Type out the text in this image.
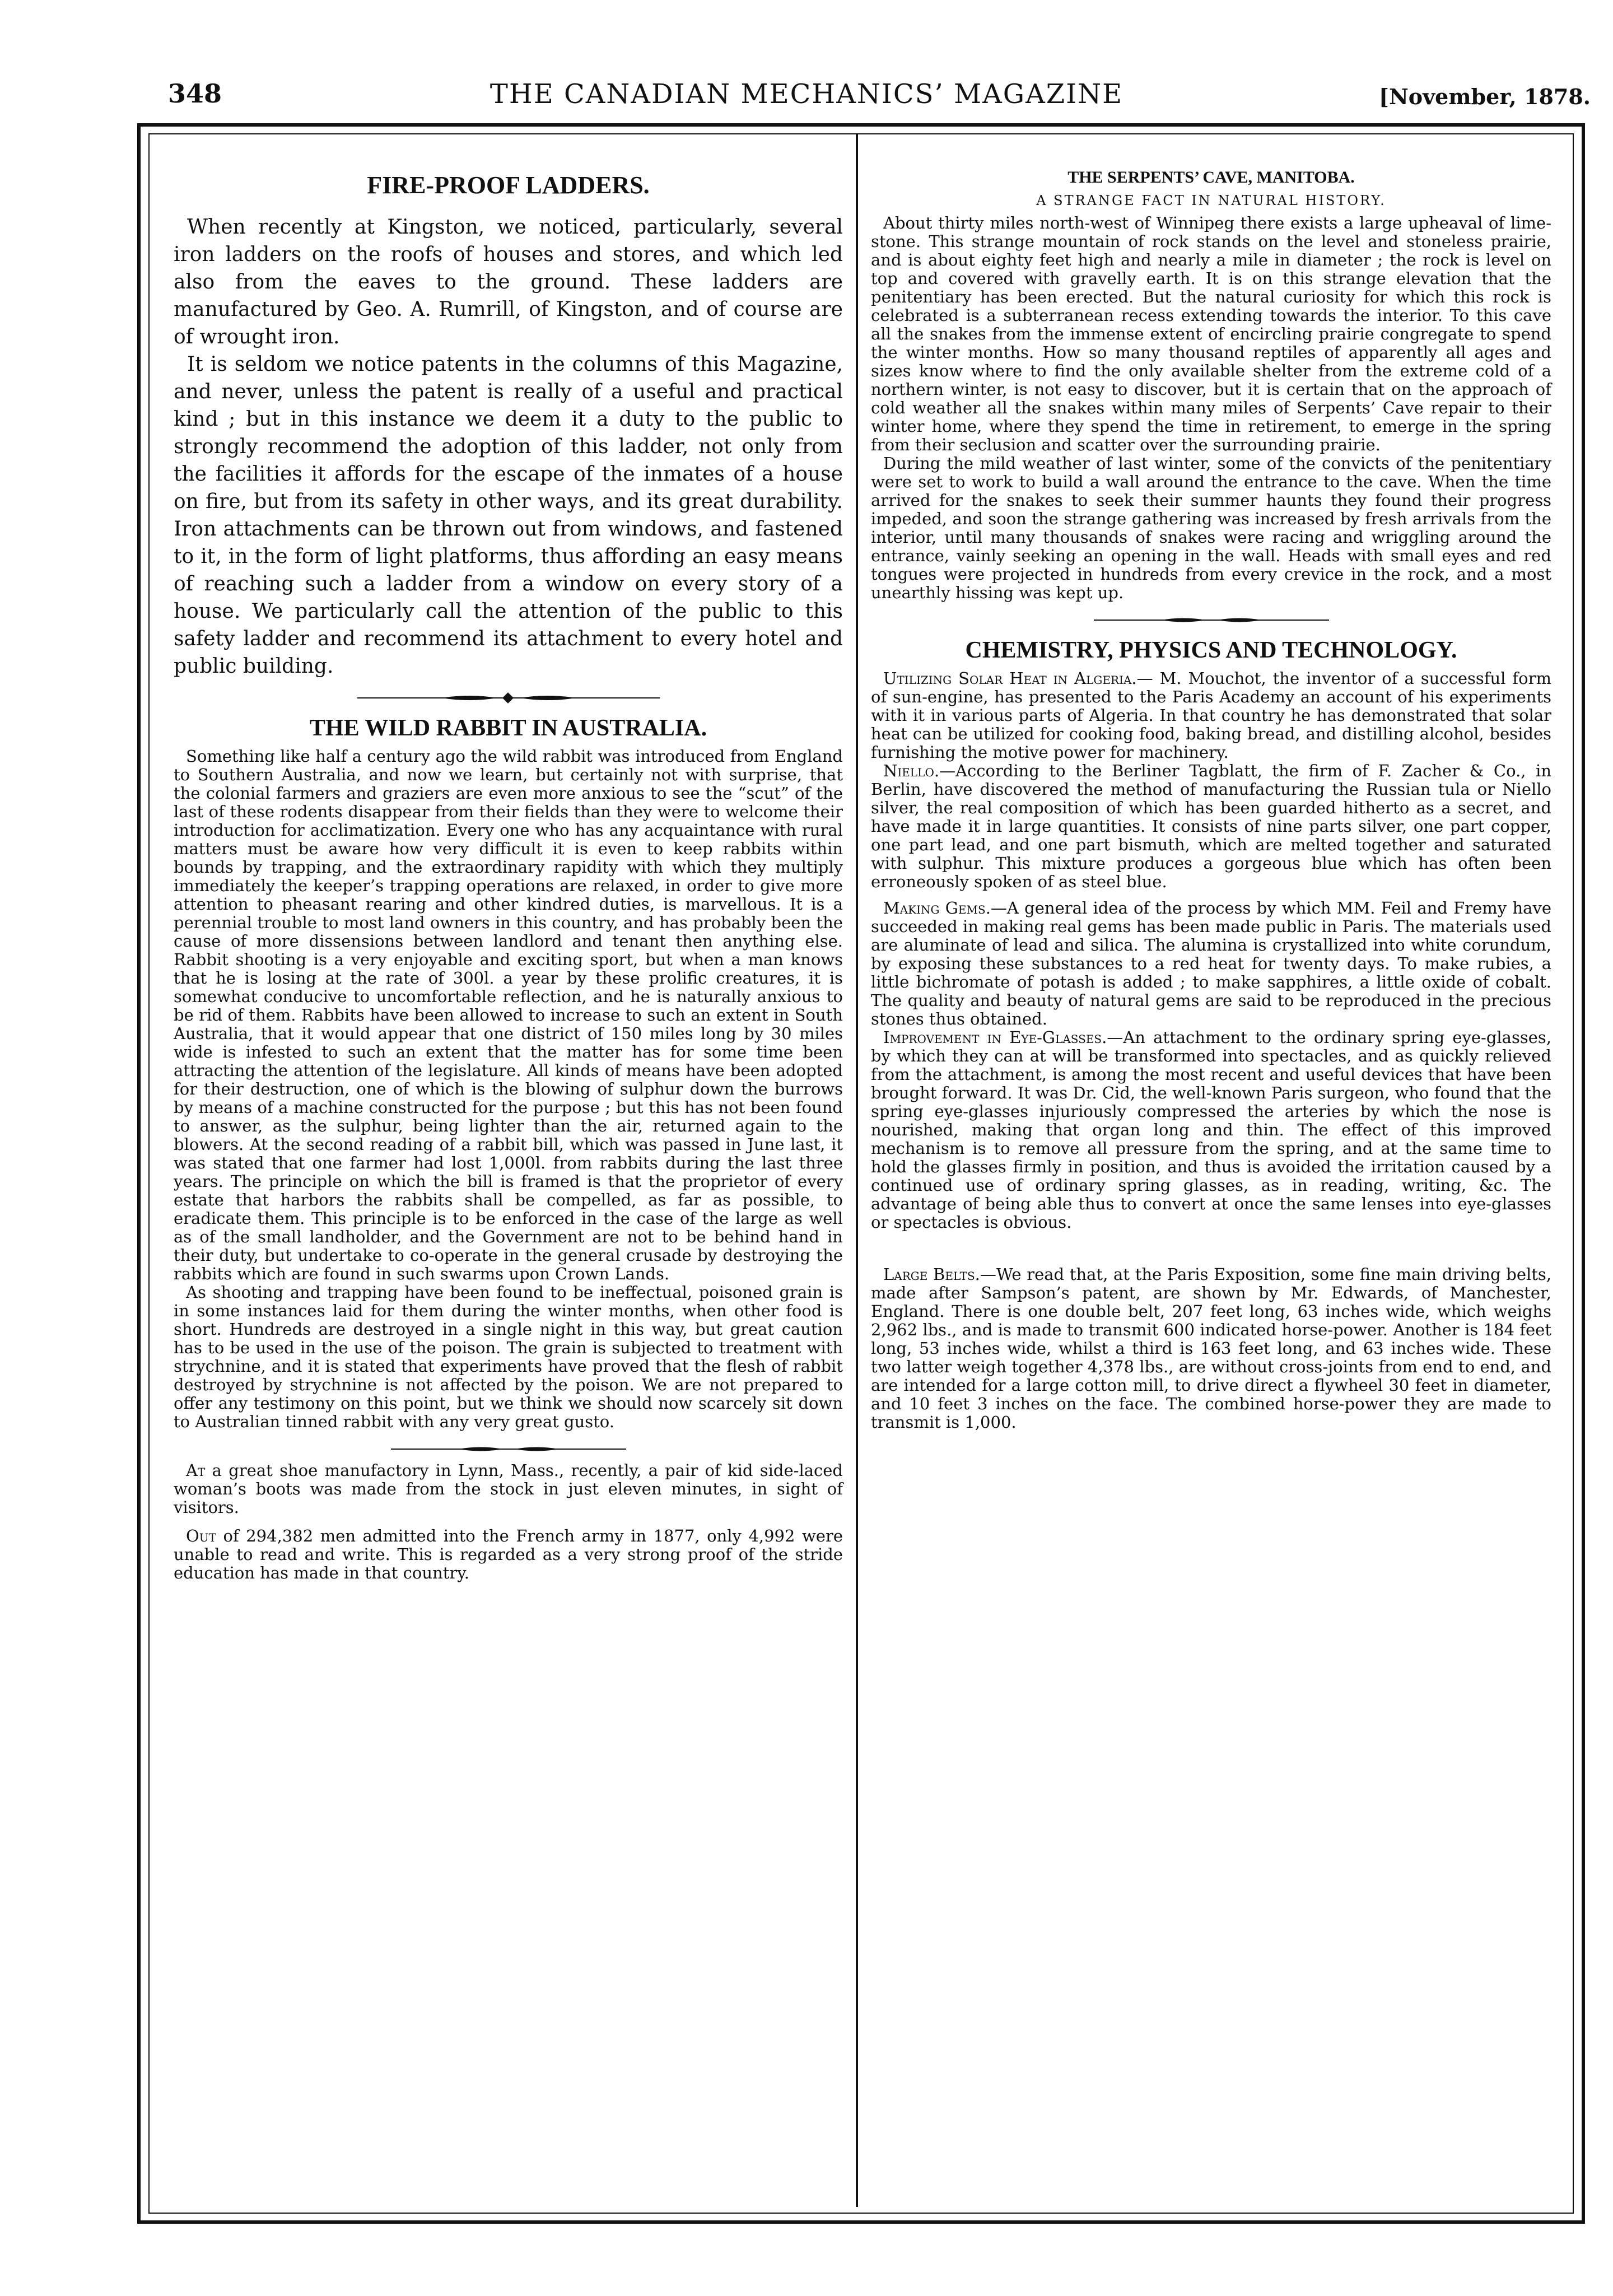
348	THE CANADIAN MECHANICS’ MAGAZINE	[November, 1878.
FIRE-PROOF LADDERS.

When recently at Kingston, we noticed, particularly, several iron ladders on the roofs of houses and stores, and which led also from the eaves to the ground. These ladders are manufactured by Geo. A. Rumrill, of Kingston, and of course are of wrought iron.

It is seldom we notice patents in the columns of this Magazine, and never, unless the patent is really of a useful and practical kind ; but in this instance we deem it a duty to the public to strongly recommend the adoption of this ladder, not only from the facilities it affords for the escape of the inmates of a house on fire, but from its safety in other ways, and its great durability. Iron attachments can be thrown out from windows, and fastened to it, in the form of light platforms, thus affording an easy means of reaching such a ladder from a window on every story of a house. We particularly call the attention of the public to this safety ladder and recommend its attachment to every hotel and public building.

THE WILD RABBIT IN AUSTRALIA.

Something like half a century ago the wild rabbit was introduced from England to Southern Australia, and now we learn, but certainly not with surprise, that the colonial farmers and graziers are even more anxious to see the “scut” of the last of these rodents disappear from their fields than they were to welcome their introduction for acclimatization. Every one who has any acquaintance with rural matters must be aware how very difficult it is even to keep rabbits within bounds by trapping, and the extraordinary rapidity with which they multiply immediately the keeper’s trapping operations are relaxed, in order to give more attention to pheasant rearing and other kindred duties, is marvellous. It is a perennial trouble to most land owners in this country, and has probably been the cause of more dissensions between landlord and tenant then anything else. Rabbit shooting is a very enjoyable and exciting sport, but when a man knows that he is losing at the rate of 300l. a year by these prolific creatures, it is somewhat conducive to uncomfortable reflection, and he is naturally anxious to be rid of them. Rabbits have been allowed to increase to such an extent in South Australia, that it would appear that one district of 150 miles long by 30 miles wide is infested to such an extent that the matter has for some time been attracting the attention of the legislature. All kinds of means have been adopted for their destruction, one of which is the blowing of sulphur down the burrows by means of a machine constructed for the purpose ; but this has not been found to answer, as the sulphur, being lighter than the air, returned again to the blowers. At the second reading of a rabbit bill, which was passed in June last, it was stated that one farmer had lost 1,000l. from rabbits during the last three years. The principle on which the bill is framed is that the proprietor of every estate that harbors the rabbits shall be compelled, as far as possible, to eradicate them. This principle is to be enforced in the case of the large as well as of the small landholder, and the Government are not to be behind hand in their duty, but undertake to co-operate in the general crusade by destroying the rabbits which are found in such swarms upon Crown Lands.

As shooting and trapping have been found to be ineffectual, poisoned grain is in some instances laid for them during the winter months, when other food is short. Hundreds are destroyed in a single night in this way, but great caution has to be used in the use of the poison. The grain is subjected to treatment with strychnine, and it is stated that experiments have proved that the flesh of rabbit destroyed by strychnine is not affected by the poison. We are not prepared to offer any testimony on this point, but we think we should now scarcely sit down to Australian tinned rabbit with any very great gusto.

At a great shoe manufactory in Lynn, Mass., recently, a pair of kid side-laced woman’s boots was made from the stock in just eleven minutes, in sight of visitors.

Out of 294,382 men admitted into the French army in 1877, only 4,992 were unable to read and write. This is regarded as a very strong proof of the stride education has made in that country.

THE SERPENTS’ CAVE, MANITOBA.
A STRANGE FACT IN NATURAL HISTORY.

About thirty miles north-west of Winnipeg there exists a large upheaval of lime-stone. This strange mountain of rock stands on the level and stoneless prairie, and is about eighty feet high and nearly a mile in diameter ; the rock is level on top and covered with gravelly earth. It is on this strange elevation that the penitentiary has been erected. But the natural curiosity for which this rock is celebrated is a subterranean recess extending towards the interior. To this cave all the snakes from the immense extent of encircling prairie congregate to spend the winter months. How so many thousand reptiles of apparently all ages and sizes know where to find the only available shelter from the extreme cold of a northern winter, is not easy to discover, but it is certain that on the approach of cold weather all the snakes within many miles of Serpents’ Cave repair to their winter home, where they spend the time in retirement, to emerge in the spring from their seclusion and scatter over the surrounding prairie.

During the mild weather of last winter, some of the convicts of the penitentiary were set to work to build a wall around the entrance to the cave. When the time arrived for the snakes to seek their summer haunts they found their progress impeded, and soon the strange gathering was increased by fresh arrivals from the interior, until many thousands of snakes were racing and wriggling around the entrance, vainly seeking an opening in the wall. Heads with small eyes and red tongues were projected in hundreds from every crevice in the rock, and a most unearthly hissing was kept up.

CHEMISTRY, PHYSICS AND TECHNOLOGY.

Utilizing Solar Heat in Algeria.— M. Mouchot, the inventor of a successful form of sun-engine, has presented to the Paris Academy an account of his experiments with it in various parts of Algeria. In that country he has demonstrated that solar heat can be utilized for cooking food, baking bread, and distilling alcohol, besides furnishing the motive power for machinery.

Niello.—According to the Berliner Tagblatt, the firm of F. Zacher & Co., in Berlin, have discovered the method of manufacturing the Russian tula or Niello silver, the real composition of which has been guarded hitherto as a secret, and have made it in large quantities. It consists of nine parts silver, one part copper, one part lead, and one part bismuth, which are melted together and saturated with sulphur. This mixture produces a gorgeous blue which has often been erroneously spoken of as steel blue.

Making Gems.—A general idea of the process by which MM. Feil and Fremy have succeeded in making real gems has been made public in Paris. The materials used are aluminate of lead and silica. The alumina is crystallized into white corundum, by exposing these substances to a red heat for twenty days. To make rubies, a little bichromate of potash is added ; to make sapphires, a little oxide of cobalt. The quality and beauty of natural gems are said to be reproduced in the precious stones thus obtained.

Improvement in Eye-Glasses.—An attachment to the ordinary spring eye-glasses, by which they can at will be transformed into spectacles, and as quickly relieved from the attachment, is among the most recent and useful devices that have been brought forward. It was Dr. Cid, the well-known Paris surgeon, who found that the spring eye-glasses injuriously compressed the arteries by which the nose is nourished, making that organ long and thin. The effect of this improved mechanism is to remove all pressure from the spring, and at the same time to hold the glasses firmly in position, and thus is avoided the irritation caused by a continued use of ordinary spring glasses, as in reading, writing, &c. The advantage of being able thus to convert at once the same lenses into eye-glasses or spectacles is obvious.

Large Belts.—We read that, at the Paris Exposition, some fine main driving belts, made after Sampson’s patent, are shown by Mr. Edwards, of Manchester, England. There is one double belt, 207 feet long, 63 inches wide, which weighs 2,962 lbs., and is made to transmit 600 indicated horse-power. Another is 184 feet long, 53 inches wide, whilst a third is 163 feet long, and 63 inches wide. These two latter weigh together 4,378 lbs., are without cross-joints from end to end, and are intended for a large cotton mill, to drive direct a flywheel 30 feet in diameter, and 10 feet 3 inches on the face. The combined horse-power they are made to transmit is 1,000.
